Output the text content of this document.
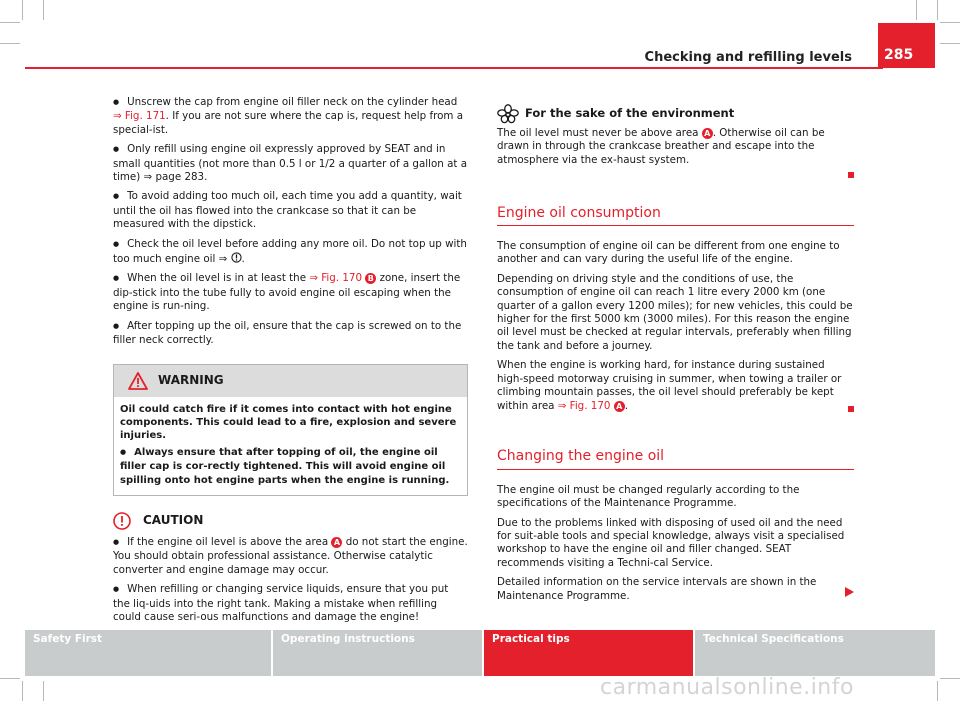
Checking and refilling levels	285

● Unscrew the cap from engine oil filler neck on the cylinder head
⇒ Fig. 171. If you are not sure where the cap is, request help from a special-ist.

● Only refill using engine oil expressly approved by SEAT and in small quantities (not more than 0.5 l or 1/2 a quarter of a gallon at a time) ⇒ page 283.

● To avoid adding too much oil, each time you add a quantity, wait until the oil has flowed into the crankcase so that it can be measured with the dipstick.

● Check the oil level before adding any more oil. Do not top up with too much engine oil ⇒ .

● When the oil level is in at least the ⇒ Fig. 170 B zone, insert the dip-stick into the tube fully to avoid engine oil escaping when the engine is run-ning.

● After topping up the oil, ensure that the cap is screwed on to the filler neck correctly.

WARNING

Oil could catch fire if it comes into contact with hot engine components. This could lead to a fire, explosion and severe injuries.

● Always ensure that after topping of oil, the engine oil filler cap is cor-rectly tightened. This will avoid engine oil spilling onto hot engine parts when the engine is running.

CAUTION

● If the engine oil level is above the area A do not start the engine. You should obtain professional assistance. Otherwise catalytic converter and engine damage may occur.

● When refilling or changing service liquids, ensure that you put the liq-uids into the right tank. Making a mistake when refilling could cause seri-ous malfunctions and damage the engine!

For the sake of the environment

The oil level must never be above area A . Otherwise oil can be drawn in through the crankcase breather and escape into the atmosphere via the ex-haust system.

Engine oil consumption

The consumption of engine oil can be different from one engine to another and can vary during the useful life of the engine.

Depending on driving style and the conditions of use, the consumption of engine oil can reach 1 litre every 2000 km (one quarter of a gallon every 1200 miles); for new vehicles, this could be higher for the first 5000 km (3000 miles). For this reason the engine oil level must be checked at regular intervals, preferably when filling the tank and before a journey.

When the engine is working hard, for instance during sustained high-speed motorway cruising in summer, when towing a trailer or climbing mountain passes, the oil level should preferably be kept within area ⇒ Fig. 170 A .

Changing the engine oil

The engine oil must be changed regularly according to the specifications of the Maintenance Programme.

Due to the problems linked with disposing of used oil and the need for suit-able tools and special knowledge, always visit a specialised workshop to have the engine oil and filler changed. SEAT recommends visiting a Techni-cal Service.

Detailed information on the service intervals are shown in the Maintenance Programme.

Safety First	Operating instructions	Practical tips	Technical Specifications
carmanualsonline.info
